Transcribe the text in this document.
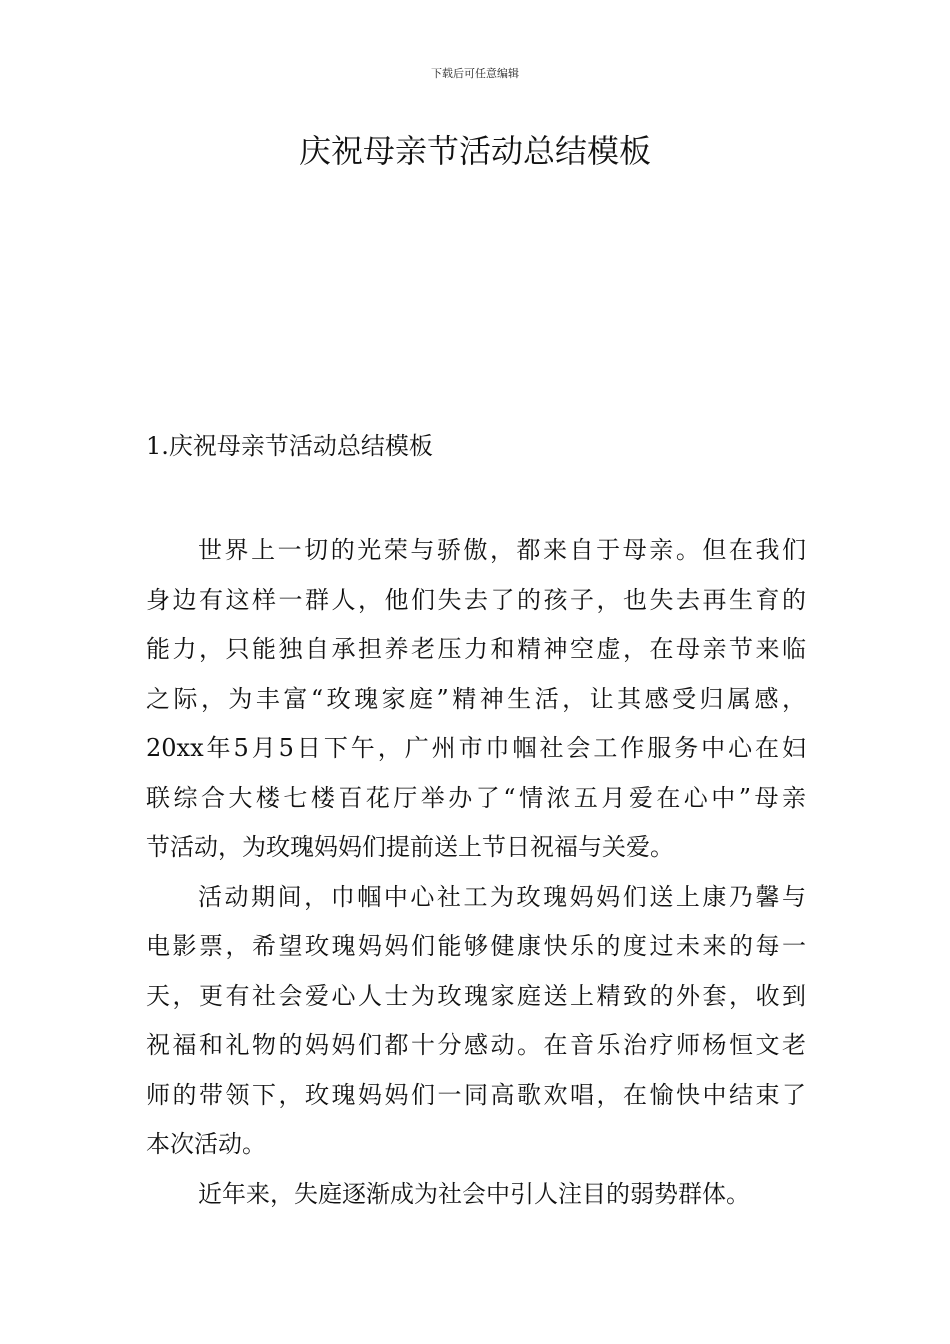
下载后可任意编辑
庆祝母亲节活动总结模板
1.庆祝母亲节活动总结模板
世界上一切的光荣与骄傲，都来自于母亲。但在我们
身边有这样一群人，他们失去了的孩子，也失去再生育的
能力，只能独自承担养老压力和精神空虚，在母亲节来临
之际，为丰富“玫瑰家庭”精神生活，让其感受归属感，
20xx年5月5日下午，广州市巾帼社会工作服务中心在妇
联综合大楼七楼百花厅举办了“情浓五月爱在心中”母亲
节活动，为玫瑰妈妈们提前送上节日祝福与关爱。
活动期间，巾帼中心社工为玫瑰妈妈们送上康乃馨与
电影票，希望玫瑰妈妈们能够健康快乐的度过未来的每一
天，更有社会爱心人士为玫瑰家庭送上精致的外套，收到
祝福和礼物的妈妈们都十分感动。在音乐治疗师杨恒文老
师的带领下，玫瑰妈妈们一同高歌欢唱，在愉快中结束了
本次活动。
近年来，失庭逐渐成为社会中引人注目的弱势群体。
